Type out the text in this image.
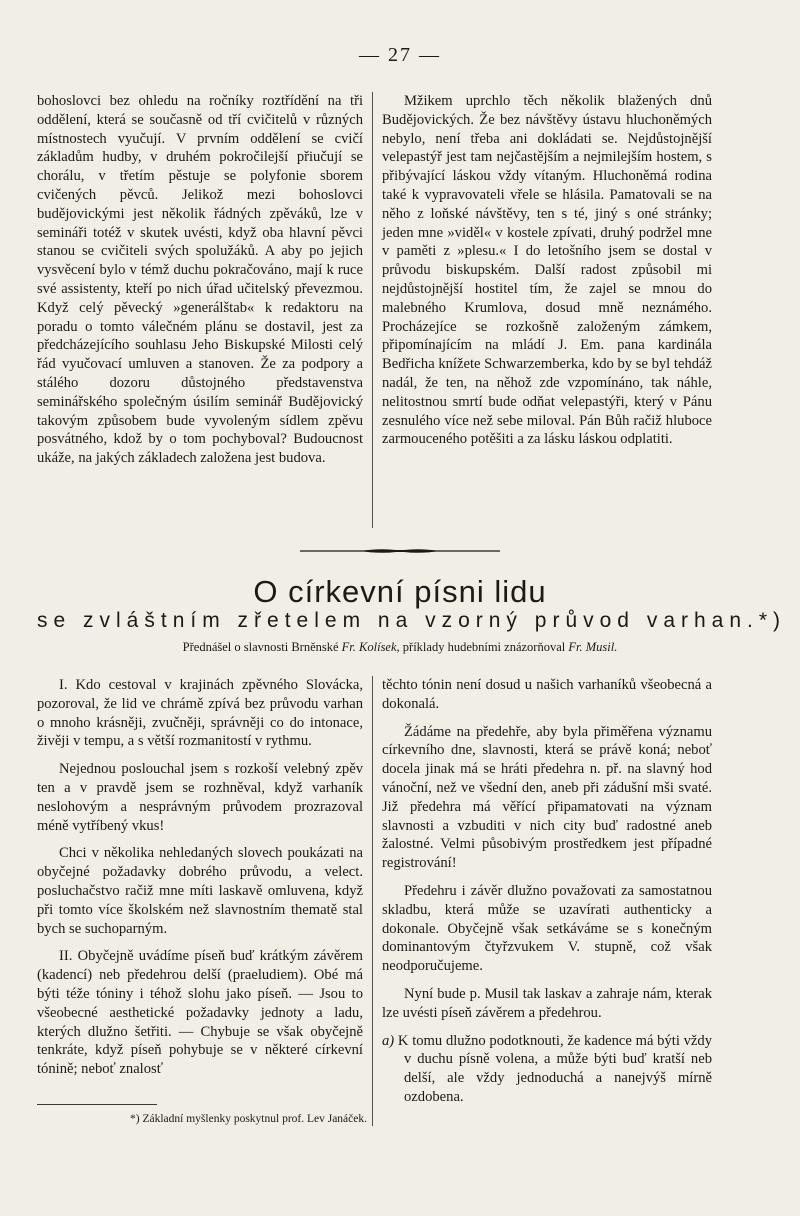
— 27 —

bohoslovci bez ohledu na ročníky roztřídění na tři oddělení, která se současně od tří cvičitelů v různých místnostech vyučují. V prvním oddělení se cvičí základům hudby, v druhém pokročilejší přiučují se chorálu, v třetím pěstuje se polyfonie sborem cvičených pěvců. Jelikož mezi bohoslovci budějovickými jest několik řádných zpěváků, lze v semináři totéž v skutek uvésti, když oba hlavní pěvci stanou se cvičiteli svých spolužáků. A aby po jejich vysvěcení bylo v témž duchu pokračováno, mají k ruce své assistenty, kteří po nich úřad učitelský převezmou. Když celý pěvecký »generálštab« k redaktoru na poradu o tomto válečném plánu se dostavil, jest za předcházejícího souhlasu Jeho Biskupské Milosti celý řád vyučovací umluven a stanoven. Že za podpory a stálého dozoru důstojného představenstva seminářského společným úsilím seminář Budějovický takovým způsobem bude vyvoleným sídlem zpěvu posvátného, kdož by o tom pochyboval? Budoucnost ukáže, na jakých základech založena jest budova.

Mžikem uprchlo těch několik blažených dnů Budějovických. Že bez návštěvy ústavu hluchoněmých nebylo, není třeba ani dokládati se. Nejdůstojnější velepastýř jest tam nejčastějším a nejmilejším hostem, s přibývající láskou vždy vítaným. Hluchoněmá rodina také k vypravovateli vřele se hlásila. Pamatovali se na něho z loňské návštěvy, ten s té, jiný s oné stránky; jeden mne »viděl« v kostele zpívati, druhý podržel mne v paměti z »plesu.« I do letošního jsem se dostal v průvodu biskupském. Další radost způsobil mi nejdůstojnější hostitel tím, že zajel se mnou do malebného Krumlova, dosud mně neznámého. Procházejíce se rozkošně založeným zámkem, připomínajícím na mládí J. Em. pana kardinála Bedřicha knížete Schwarzemberka, kdo by se byl tehdáž nadál, že ten, na něhož zde vzpomínáno, tak náhle, nelitostnou smrtí bude odňat velepastýři, který v Pánu zesnulého více než sebe miloval. Pán Bůh račiž hluboce zarmouceného potěšiti a za lásku láskou odplatiti.

O církevní písni lidu
se zvláštním zřetelem na vzorný průvod varhan.*)
Přednášel o slavnosti Brněnské Fr. Kolísek, příklady hudebními znázorňoval Fr. Musil.

I. Kdo cestoval v krajinách zpěvného Slovácka, pozoroval, že lid ve chrámě zpívá bez průvodu varhan o mnoho krásněji, zvučněji, správněji co do intonace, živěji v tempu, a s větší rozmanitostí v rythmu.

Nejednou poslouchal jsem s rozkoší velebný zpěv ten a v pravdě jsem se rozhněval, když varhaník neslohovým a nesprávným průvodem prozrazoval méně vytříbený vkus!

Chci v několika nehledaných slovech poukázati na obyčejné požadavky dobrého průvodu, a velect. posluchačstvo račiž mne míti laskavě omluvena, když při tomto více školském než slavnostním thematě stal bych se suchoparným.

II. Obyčejně uvádíme píseň buď krátkým závěrem (kadencí) neb předehrou delší (praeludiem). Obé má býti téže tóniny i téhož slohu jako píseň. — Jsou to všeobecné aesthetické požadavky jednoty a ladu, kterých dlužno šetřiti. — Chybuje se však obyčejně tenkráte, když píseň pohybuje se v některé církevní tónině; neboť znalosť

těchto tónin není dosud u našich varhaníků všeobecná a dokonalá.

Žádáme na předehře, aby byla přiměřena významu církevního dne, slavnosti, která se právě koná; neboť docela jinak má se hráti předehra n. př. na slavný hod vánoční, než ve všední den, aneb při zádušní mši svaté. Již předehra má věřící připamatovati na význam slavnosti a vzbuditi v nich city buď radostné aneb žalostné. Velmi působivým prostředkem jest případné registrování!

Předehru i závěr dlužno považovati za samostatnou skladbu, která může se uzavírati authenticky a dokonale. Obyčejně však setkáváme se s konečným dominantovým čtyřzvukem V. stupně, což však neodporučujeme.

Nyní bude p. Musil tak laskav a zahraje nám, kterak lze uvésti píseň závěrem a předehrou.

a) K tomu dlužno podotknouti, že kadence má býti vždy v duchu písně volena, a může býti buď kratší neb delší, ale vždy jednoduchá a nanejvýš mírně ozdobena.

*) Základní myšlenky poskytnul prof. Lev Janáček.
